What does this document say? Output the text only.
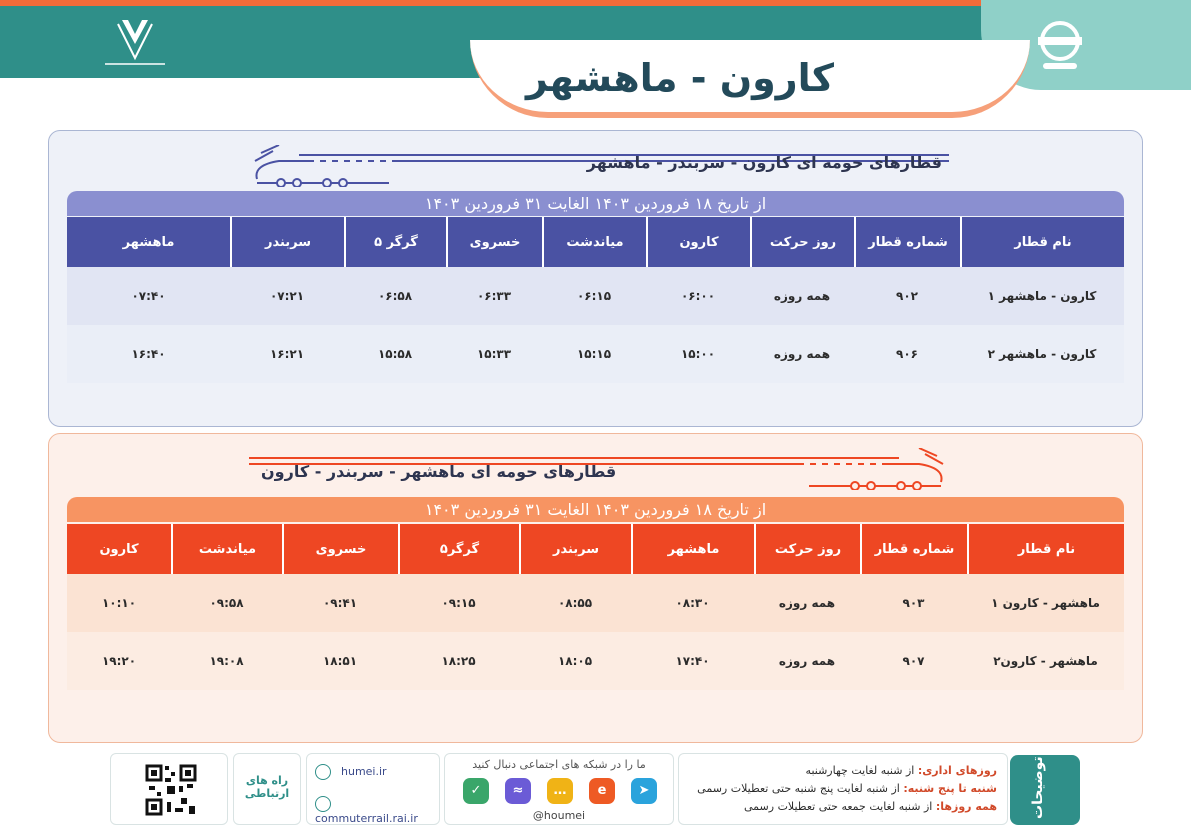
کارون - ماهشهر
قطارهای حومه ای کارون - سربندر - ماهشهر
از تاریخ ۱۸ فروردین ۱۴۰۳ الغایت ۳۱ فروردین ۱۴۰۳
نام قطار	شماره قطار	روز حرکت	کارون	میاندشت	خسروی	گرگر ۵	سربندر	ماهشهر
کارون - ماهشهر ۱	۹۰۲	همه روزه	۰۶:۰۰	۰۶:۱۵	۰۶:۳۳	۰۶:۵۸	۰۷:۲۱	۰۷:۴۰
کارون - ماهشهر ۲	۹۰۶	همه روزه	۱۵:۰۰	۱۵:۱۵	۱۵:۳۳	۱۵:۵۸	۱۶:۲۱	۱۶:۴۰
قطارهای حومه ای ماهشهر - سربندر - کارون
از تاریخ ۱۸ فروردین ۱۴۰۳ الغایت ۳۱ فروردین ۱۴۰۳
نام قطار	شماره قطار	روز حرکت	ماهشهر	سربندر	گرگر۵	خسروی	میاندشت	کارون
ماهشهر - کارون ۱	۹۰۳	همه روزه	۰۸:۳۰	۰۸:۵۵	۰۹:۱۵	۰۹:۴۱	۰۹:۵۸	۱۰:۱۰
ماهشهر - کارون۲	۹۰۷	همه روزه	۱۷:۴۰	۱۸:۰۵	۱۸:۲۵	۱۸:۵۱	۱۹:۰۸	۱۹:۲۰
توضیحات
روزهای اداری: از شنبه لغایت چهارشنبه
شنبه تا پنج شنبه: از شنبه لغایت پنج شنبه حتی تعطیلات رسمی
همه روزها: از شنبه لغایت جمعه حتی تعطیلات رسمی
ما را در شبکه های اجتماعی دنبال کنید
✓	≈	…	e	➤
@houmei
humei.ir
commuterrail.rai.ir
راه های ارتباطی
